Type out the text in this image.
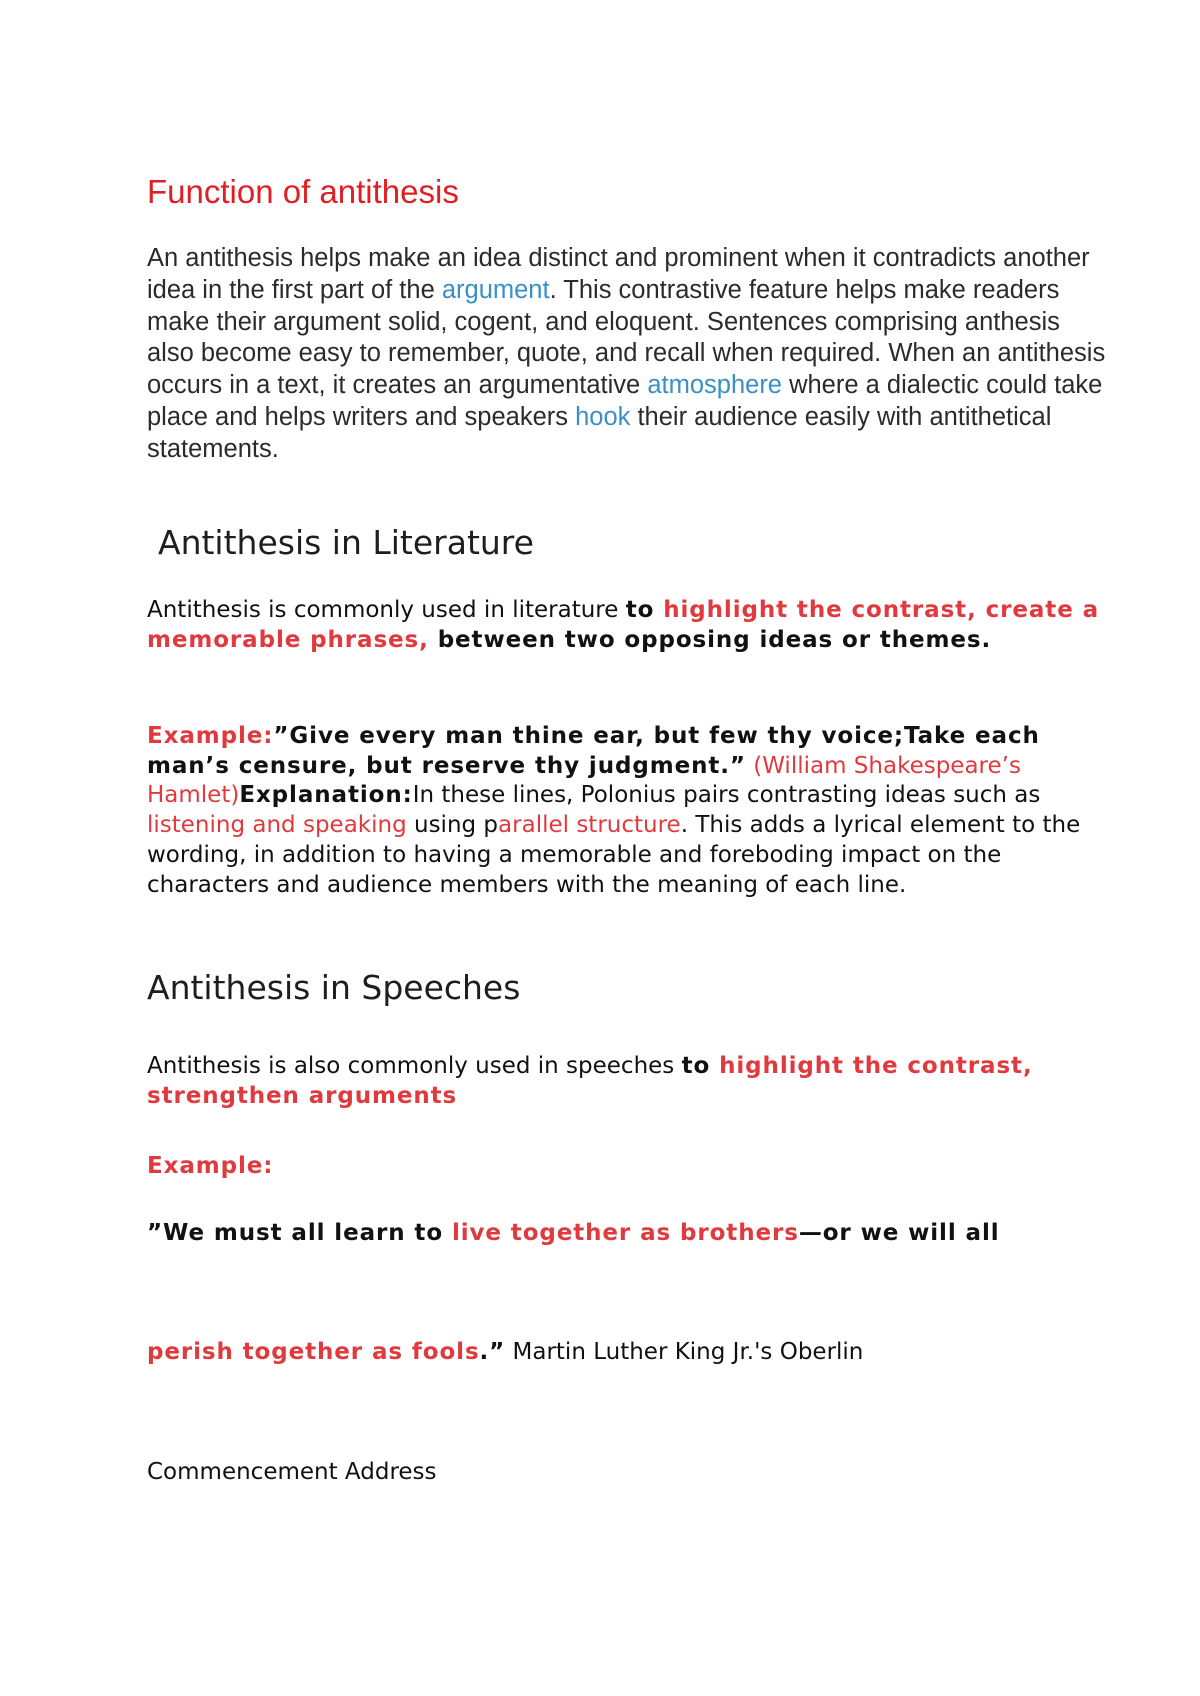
Function of antithesis

An antithesis helps make an idea distinct and prominent when it contradicts another idea in the first part of the argument. This contrastive feature helps make readers make their argument solid, cogent, and eloquent. Sentences comprising anthesis also become easy to remember, quote, and recall when required. When an antithesis occurs in a text, it creates an argumentative atmosphere where a dialectic could take place and helps writers and speakers hook their audience easily with antithetical statements.

Antithesis in Literature

Antithesis is commonly used in literature to highlight the contrast, create a memorable phrases, between two opposing ideas or themes.

Example:”Give every man thine ear, but few thy voice;Take each man’s censure, but reserve thy judgment.” (William Shakespeare’s Hamlet)Explanation:In these lines, Polonius pairs contrasting ideas such as listening and speaking using parallel structure. This adds a lyrical element to the wording, in addition to having a memorable and foreboding impact on the characters and audience members with the meaning of each line.

Antithesis in Speeches

Antithesis is also commonly used in speeches to highlight the contrast, strengthen arguments

Example:

”We must all learn to live together as brothers—or we will all

perish together as fools.” Martin Luther King Jr.'s Oberlin

Commencement Address
